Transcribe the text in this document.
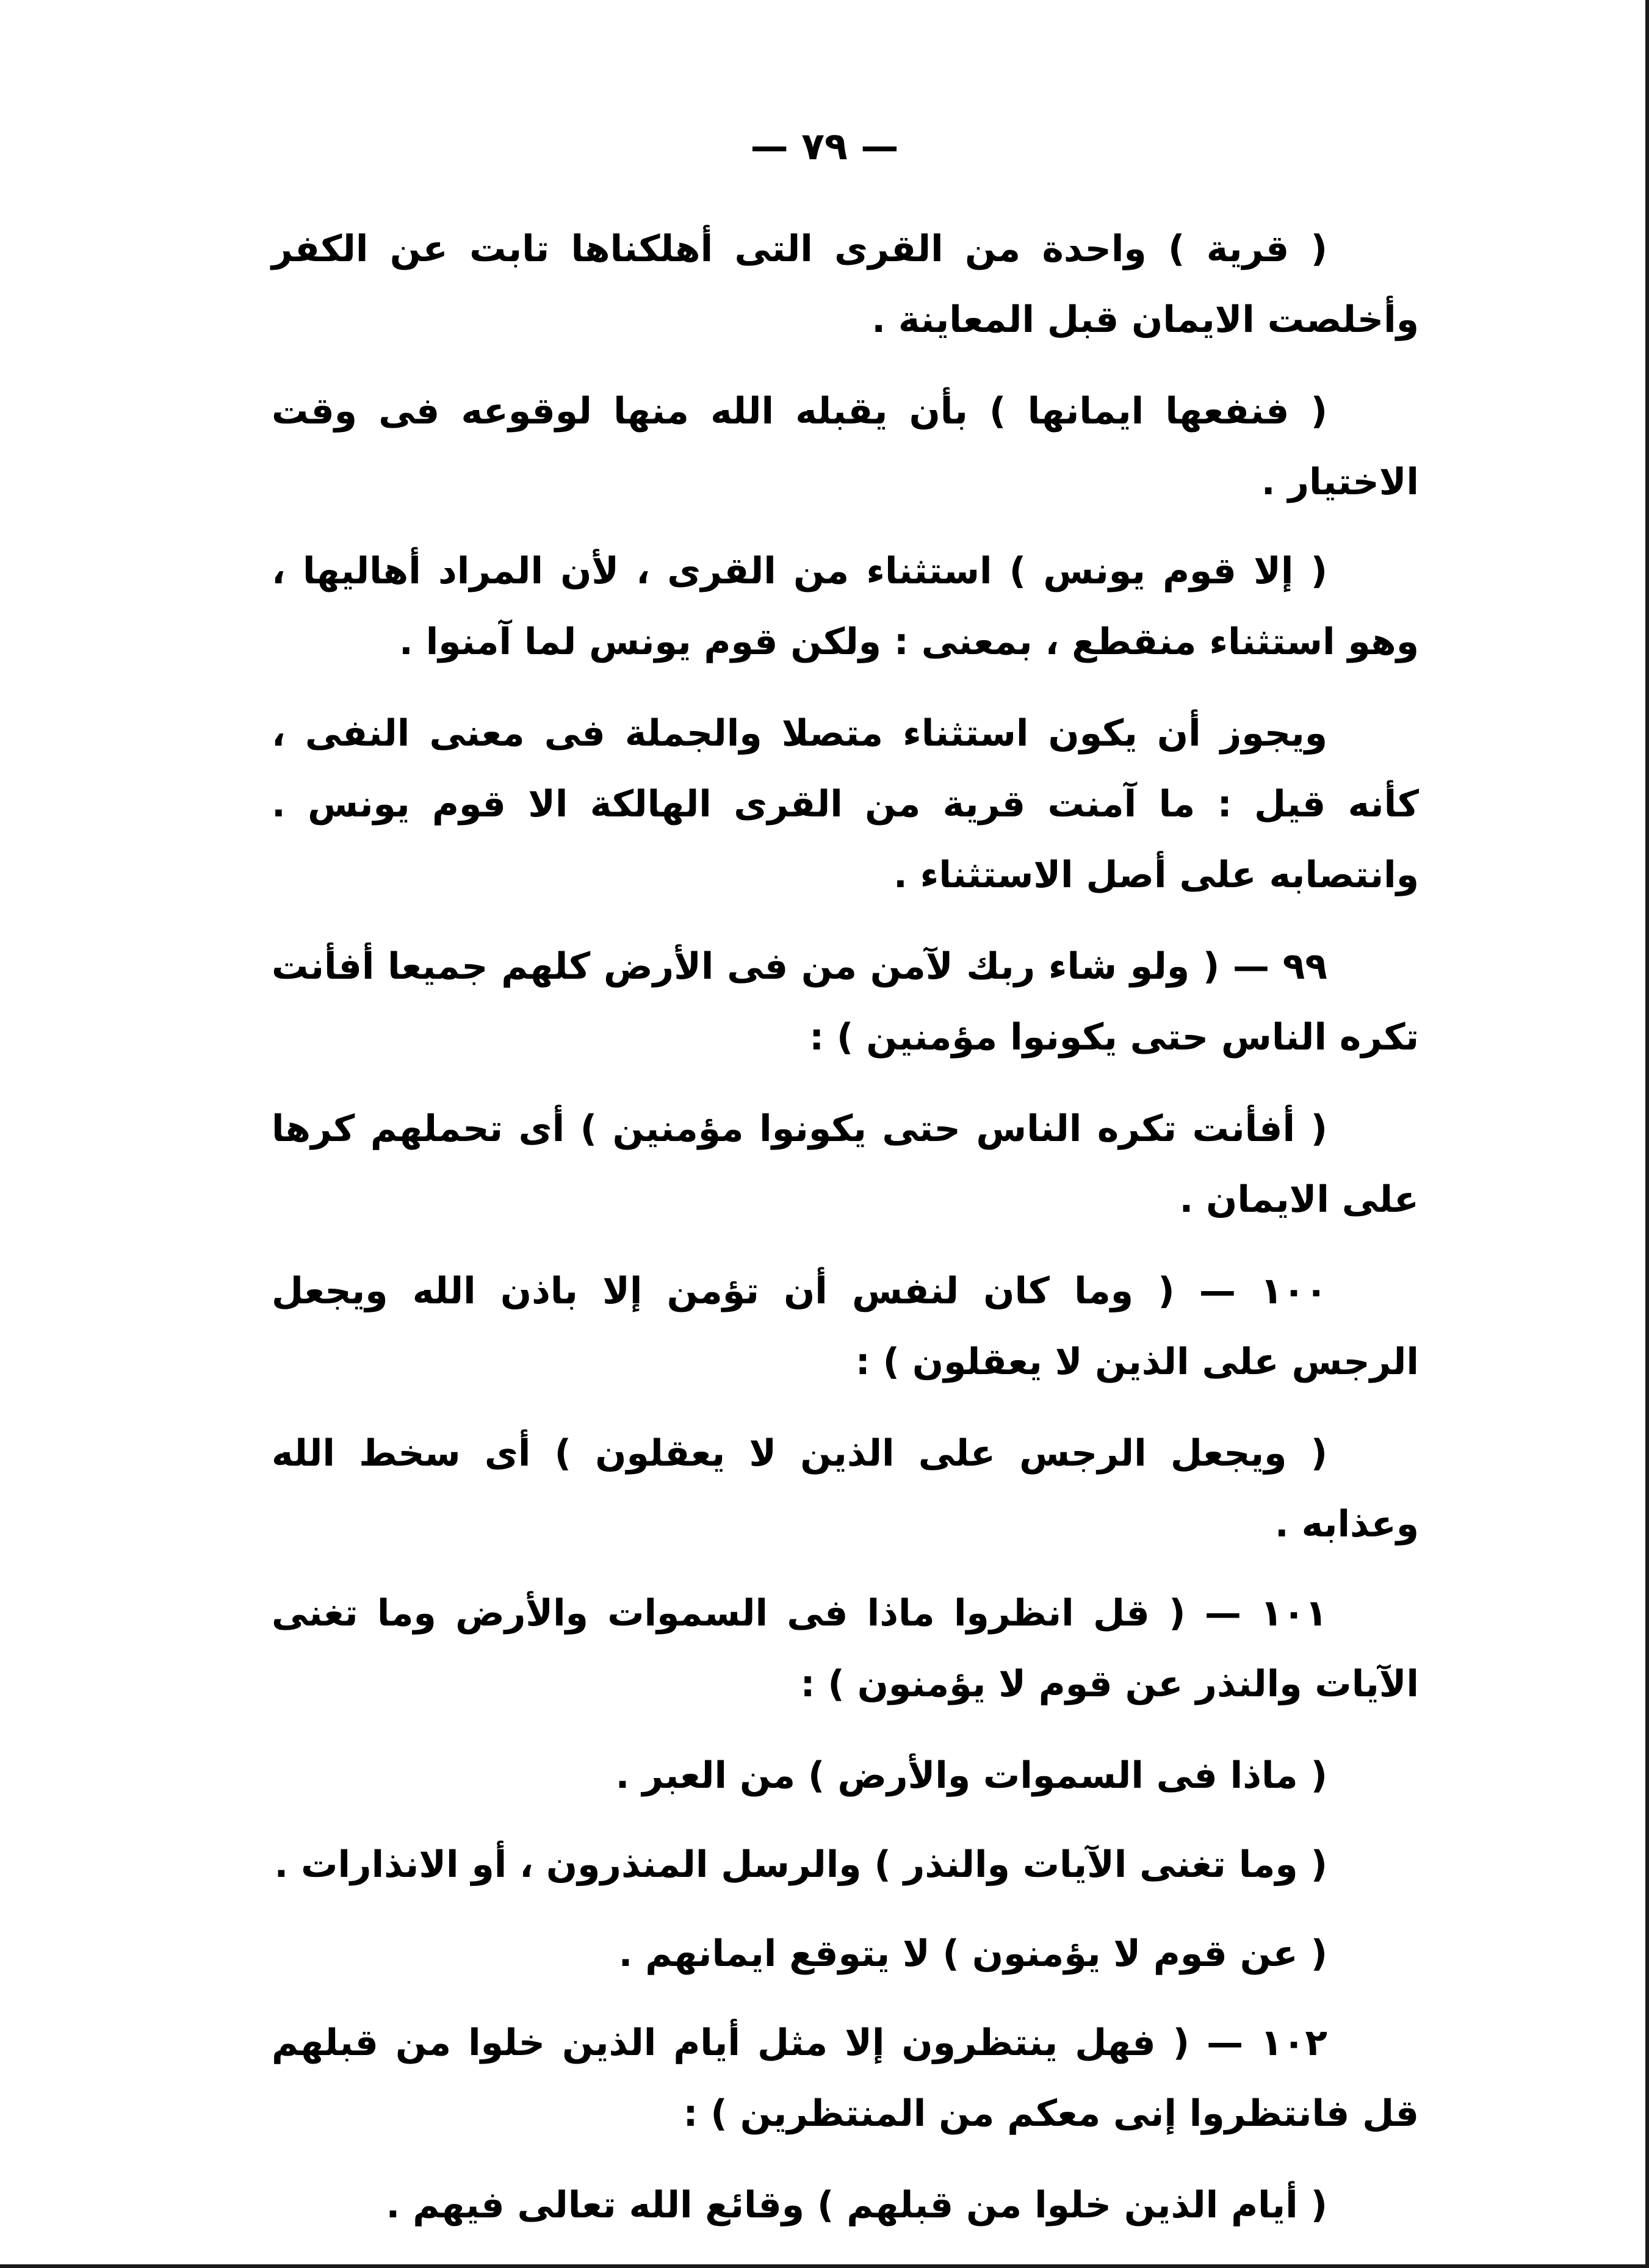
— ٧٩ —

( قرية ) واحدة من القرى التى أهلكناها تابت عن الكفر وأخلصت الايمان قبل المعاينة .

( فنفعها ايمانها ) بأن يقبله الله منها لوقوعه فى وقت الاختيار .

( إلا قوم يونس ) استثناء من القرى ، لأن المراد أهاليها ، وهو استثناء منقطع ، بمعنى : ولكن قوم يونس لما آمنوا .

ويجوز أن يكون استثناء متصلا والجملة فى معنى النفى ، كأنه قيل : ما آمنت قرية من القرى الهالكة الا قوم يونس . وانتصابه على أصل الاستثناء .

٩٩ — ( ولو شاء ربك لآمن من فى الأرض كلهم جميعا أفأنت تكره الناس حتى يكونوا مؤمنين ) :

( أفأنت تكره الناس حتى يكونوا مؤمنين ) أى تحملهم كرها على الايمان .

١٠٠ — ( وما كان لنفس أن تؤمن إلا باذن الله ويجعل الرجس على الذين لا يعقلون ) :

( ويجعل الرجس على الذين لا يعقلون ) أى سخط الله وعذابه .

١٠١ — ( قل انظروا ماذا فى السموات والأرض وما تغنى الآيات والنذر عن قوم لا يؤمنون ) :

( ماذا فى السموات والأرض ) من العبر .

( وما تغنى الآيات والنذر ) والرسل المنذرون ، أو الانذارات .

( عن قوم لا يؤمنون ) لا يتوقع ايمانهم .

١٠٢ — ( فهل ينتظرون إلا مثل أيام الذين خلوا من قبلهم قل فانتظروا إنى معكم من المنتظرين ) :

( أيام الذين خلوا من قبلهم ) وقائع الله تعالى فيهم .
